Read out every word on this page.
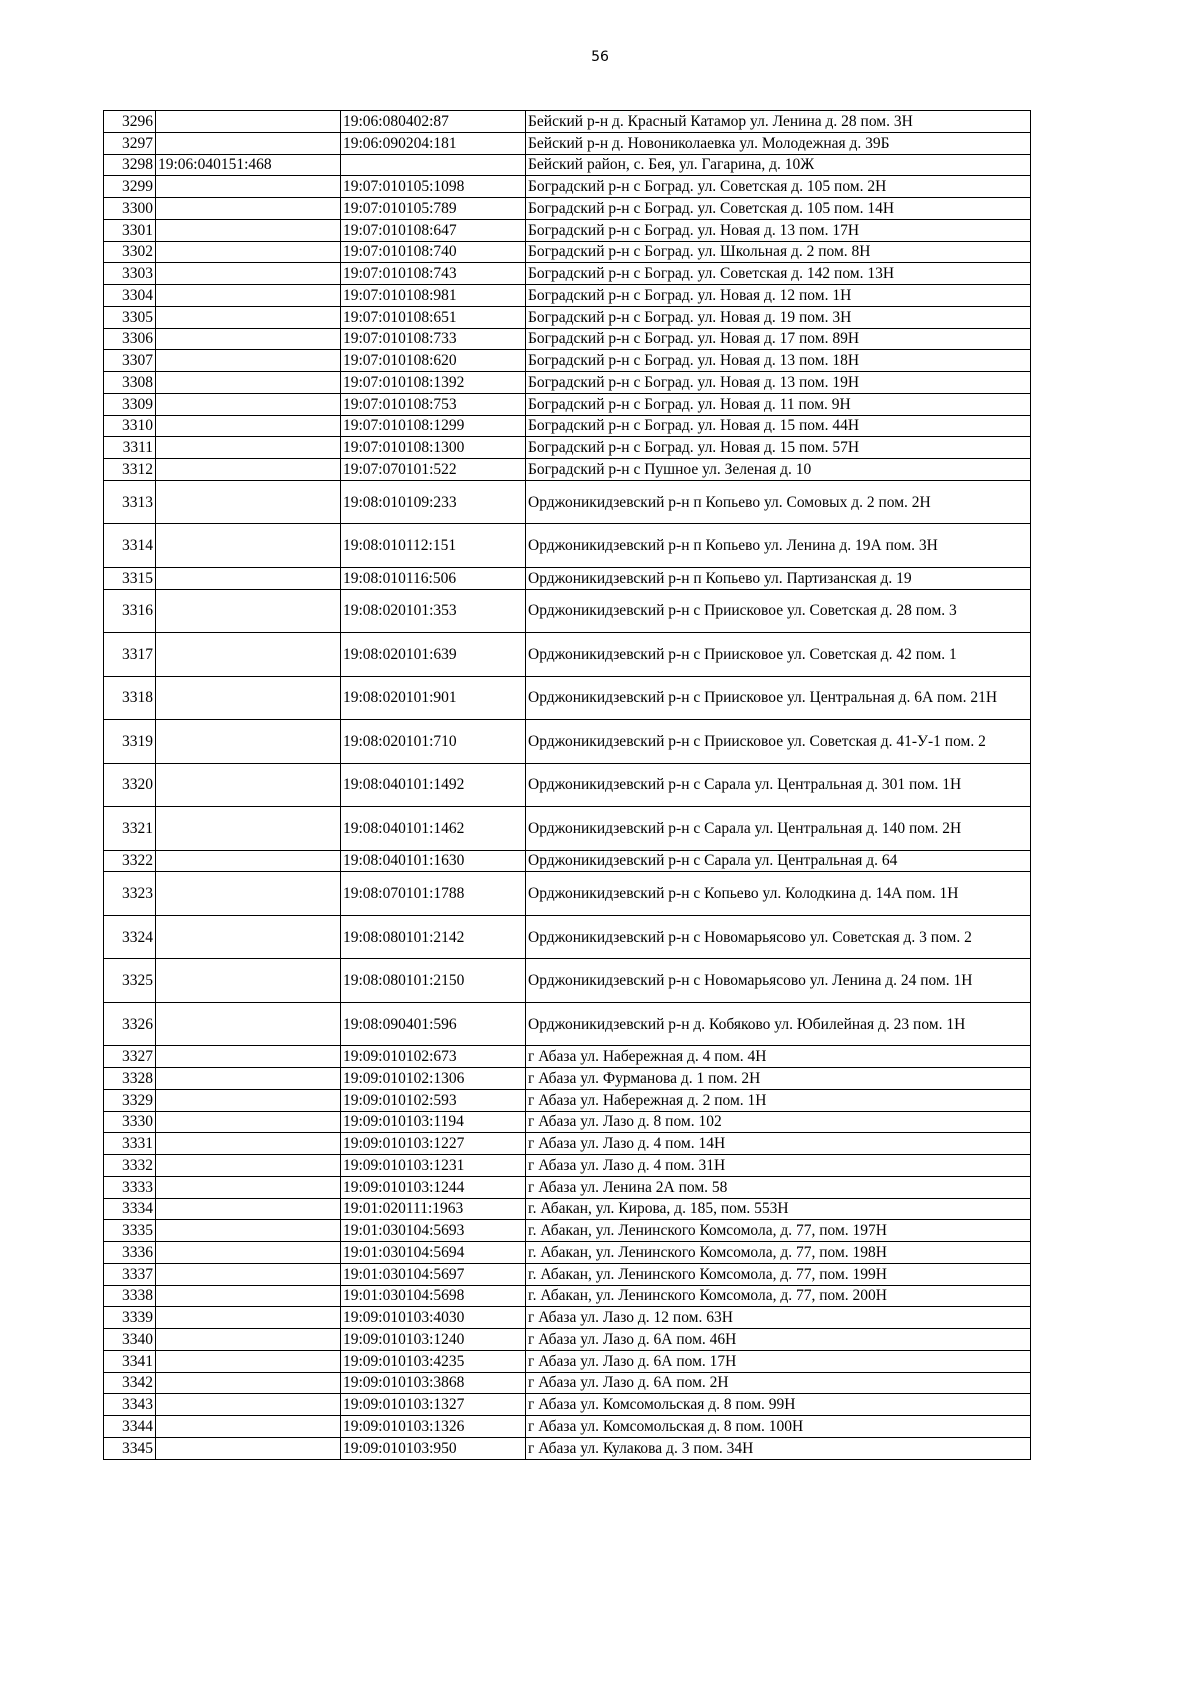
56
3296		19:06:080402:87	Бейский р-н д. Красный Катамор ул. Ленина д. 28 пом. 3Н
3297		19:06:090204:181	Бейский р-н д. Новониколаевка ул. Молодежная д. 39Б
3298	19:06:040151:468		Бейский район, с. Бея, ул. Гагарина, д. 10Ж
3299		19:07:010105:1098	Боградский р-н с Боград. ул. Советская д. 105 пом. 2Н
3300		19:07:010105:789	Боградский р-н с Боград. ул. Советская д. 105 пом. 14Н
3301		19:07:010108:647	Боградский р-н с Боград. ул. Новая д. 13 пом. 17Н
3302		19:07:010108:740	Боградский р-н с Боград. ул. Школьная д. 2 пом. 8Н
3303		19:07:010108:743	Боградский р-н с Боград. ул. Советская д. 142 пом. 13Н
3304		19:07:010108:981	Боградский р-н с Боград. ул. Новая д. 12 пом. 1Н
3305		19:07:010108:651	Боградский р-н с Боград. ул. Новая д. 19 пом. 3Н
3306		19:07:010108:733	Боградский р-н с Боград. ул. Новая д. 17 пом. 89Н
3307		19:07:010108:620	Боградский р-н с Боград. ул. Новая д. 13 пом. 18Н
3308		19:07:010108:1392	Боградский р-н с Боград. ул. Новая д. 13 пом. 19Н
3309		19:07:010108:753	Боградский р-н с Боград. ул. Новая д. 11 пом. 9Н
3310		19:07:010108:1299	Боградский р-н с Боград. ул. Новая д. 15 пом. 44Н
3311		19:07:010108:1300	Боградский р-н с Боград. ул. Новая д. 15 пом. 57Н
3312		19:07:070101:522	Боградский р-н с Пушное ул. Зеленая д. 10
3313		19:08:010109:233	Орджоникидзевский р-н п Копьево ул. Сомовых д. 2 пом. 2Н
3314		19:08:010112:151	Орджоникидзевский р-н п Копьево ул. Ленина д. 19А пом. 3Н
3315		19:08:010116:506	Орджоникидзевский р-н п Копьево ул. Партизанская д. 19
3316		19:08:020101:353	Орджоникидзевский р-н с Приисковое ул. Советская д. 28 пом. 3
3317		19:08:020101:639	Орджоникидзевский р-н с Приисковое ул. Советская д. 42 пом. 1
3318		19:08:020101:901	Орджоникидзевский р-н с Приисковое ул. Центральная д. 6А пом. 21Н
3319		19:08:020101:710	Орджоникидзевский р-н с Приисковое ул. Советская д. 41-У-1 пом. 2
3320		19:08:040101:1492	Орджоникидзевский р-н с Сарала ул. Центральная д. 301 пом. 1Н
3321		19:08:040101:1462	Орджоникидзевский р-н с Сарала ул. Центральная д. 140 пом. 2Н
3322		19:08:040101:1630	Орджоникидзевский р-н с Сарала ул. Центральная д. 64
3323		19:08:070101:1788	Орджоникидзевский р-н с Копьево ул. Колодкина д. 14А пом. 1Н
3324		19:08:080101:2142	Орджоникидзевский р-н с Новомарьясово ул. Советская д. 3 пом. 2
3325		19:08:080101:2150	Орджоникидзевский р-н с Новомарьясово ул. Ленина д. 24 пом. 1Н
3326		19:08:090401:596	Орджоникидзевский р-н д. Кобяково ул. Юбилейная д. 23 пом. 1Н
3327		19:09:010102:673	г Абаза ул. Набережная д. 4 пом. 4Н
3328		19:09:010102:1306	г Абаза ул. Фурманова д. 1 пом. 2Н
3329		19:09:010102:593	г Абаза ул. Набережная д. 2 пом. 1Н
3330		19:09:010103:1194	г Абаза ул. Лазо д. 8 пом. 102
3331		19:09:010103:1227	г Абаза ул. Лазо д. 4 пом. 14Н
3332		19:09:010103:1231	г Абаза ул. Лазо д. 4 пом. 31Н
3333		19:09:010103:1244	г Абаза ул. Ленина 2А пом. 58
3334		19:01:020111:1963	г. Абакан, ул. Кирова, д. 185, пом. 553Н
3335		19:01:030104:5693	г. Абакан, ул. Ленинского Комсомола, д. 77, пом. 197Н
3336		19:01:030104:5694	г. Абакан, ул. Ленинского Комсомола, д. 77, пом. 198Н
3337		19:01:030104:5697	г. Абакан, ул. Ленинского Комсомола, д. 77, пом. 199Н
3338		19:01:030104:5698	г. Абакан, ул. Ленинского Комсомола, д. 77, пом. 200Н
3339		19:09:010103:4030	г Абаза ул. Лазо д. 12 пом. 63Н
3340		19:09:010103:1240	г Абаза ул. Лазо д. 6А пом. 46Н
3341		19:09:010103:4235	г Абаза ул. Лазо д. 6А пом. 17Н
3342		19:09:010103:3868	г Абаза ул. Лазо д. 6А пом. 2Н
3343		19:09:010103:1327	г Абаза ул. Комсомольская д. 8 пом. 99Н
3344		19:09:010103:1326	г Абаза ул. Комсомольская д. 8 пом. 100Н
3345		19:09:010103:950	г Абаза ул. Кулакова д. 3 пом. 34Н
